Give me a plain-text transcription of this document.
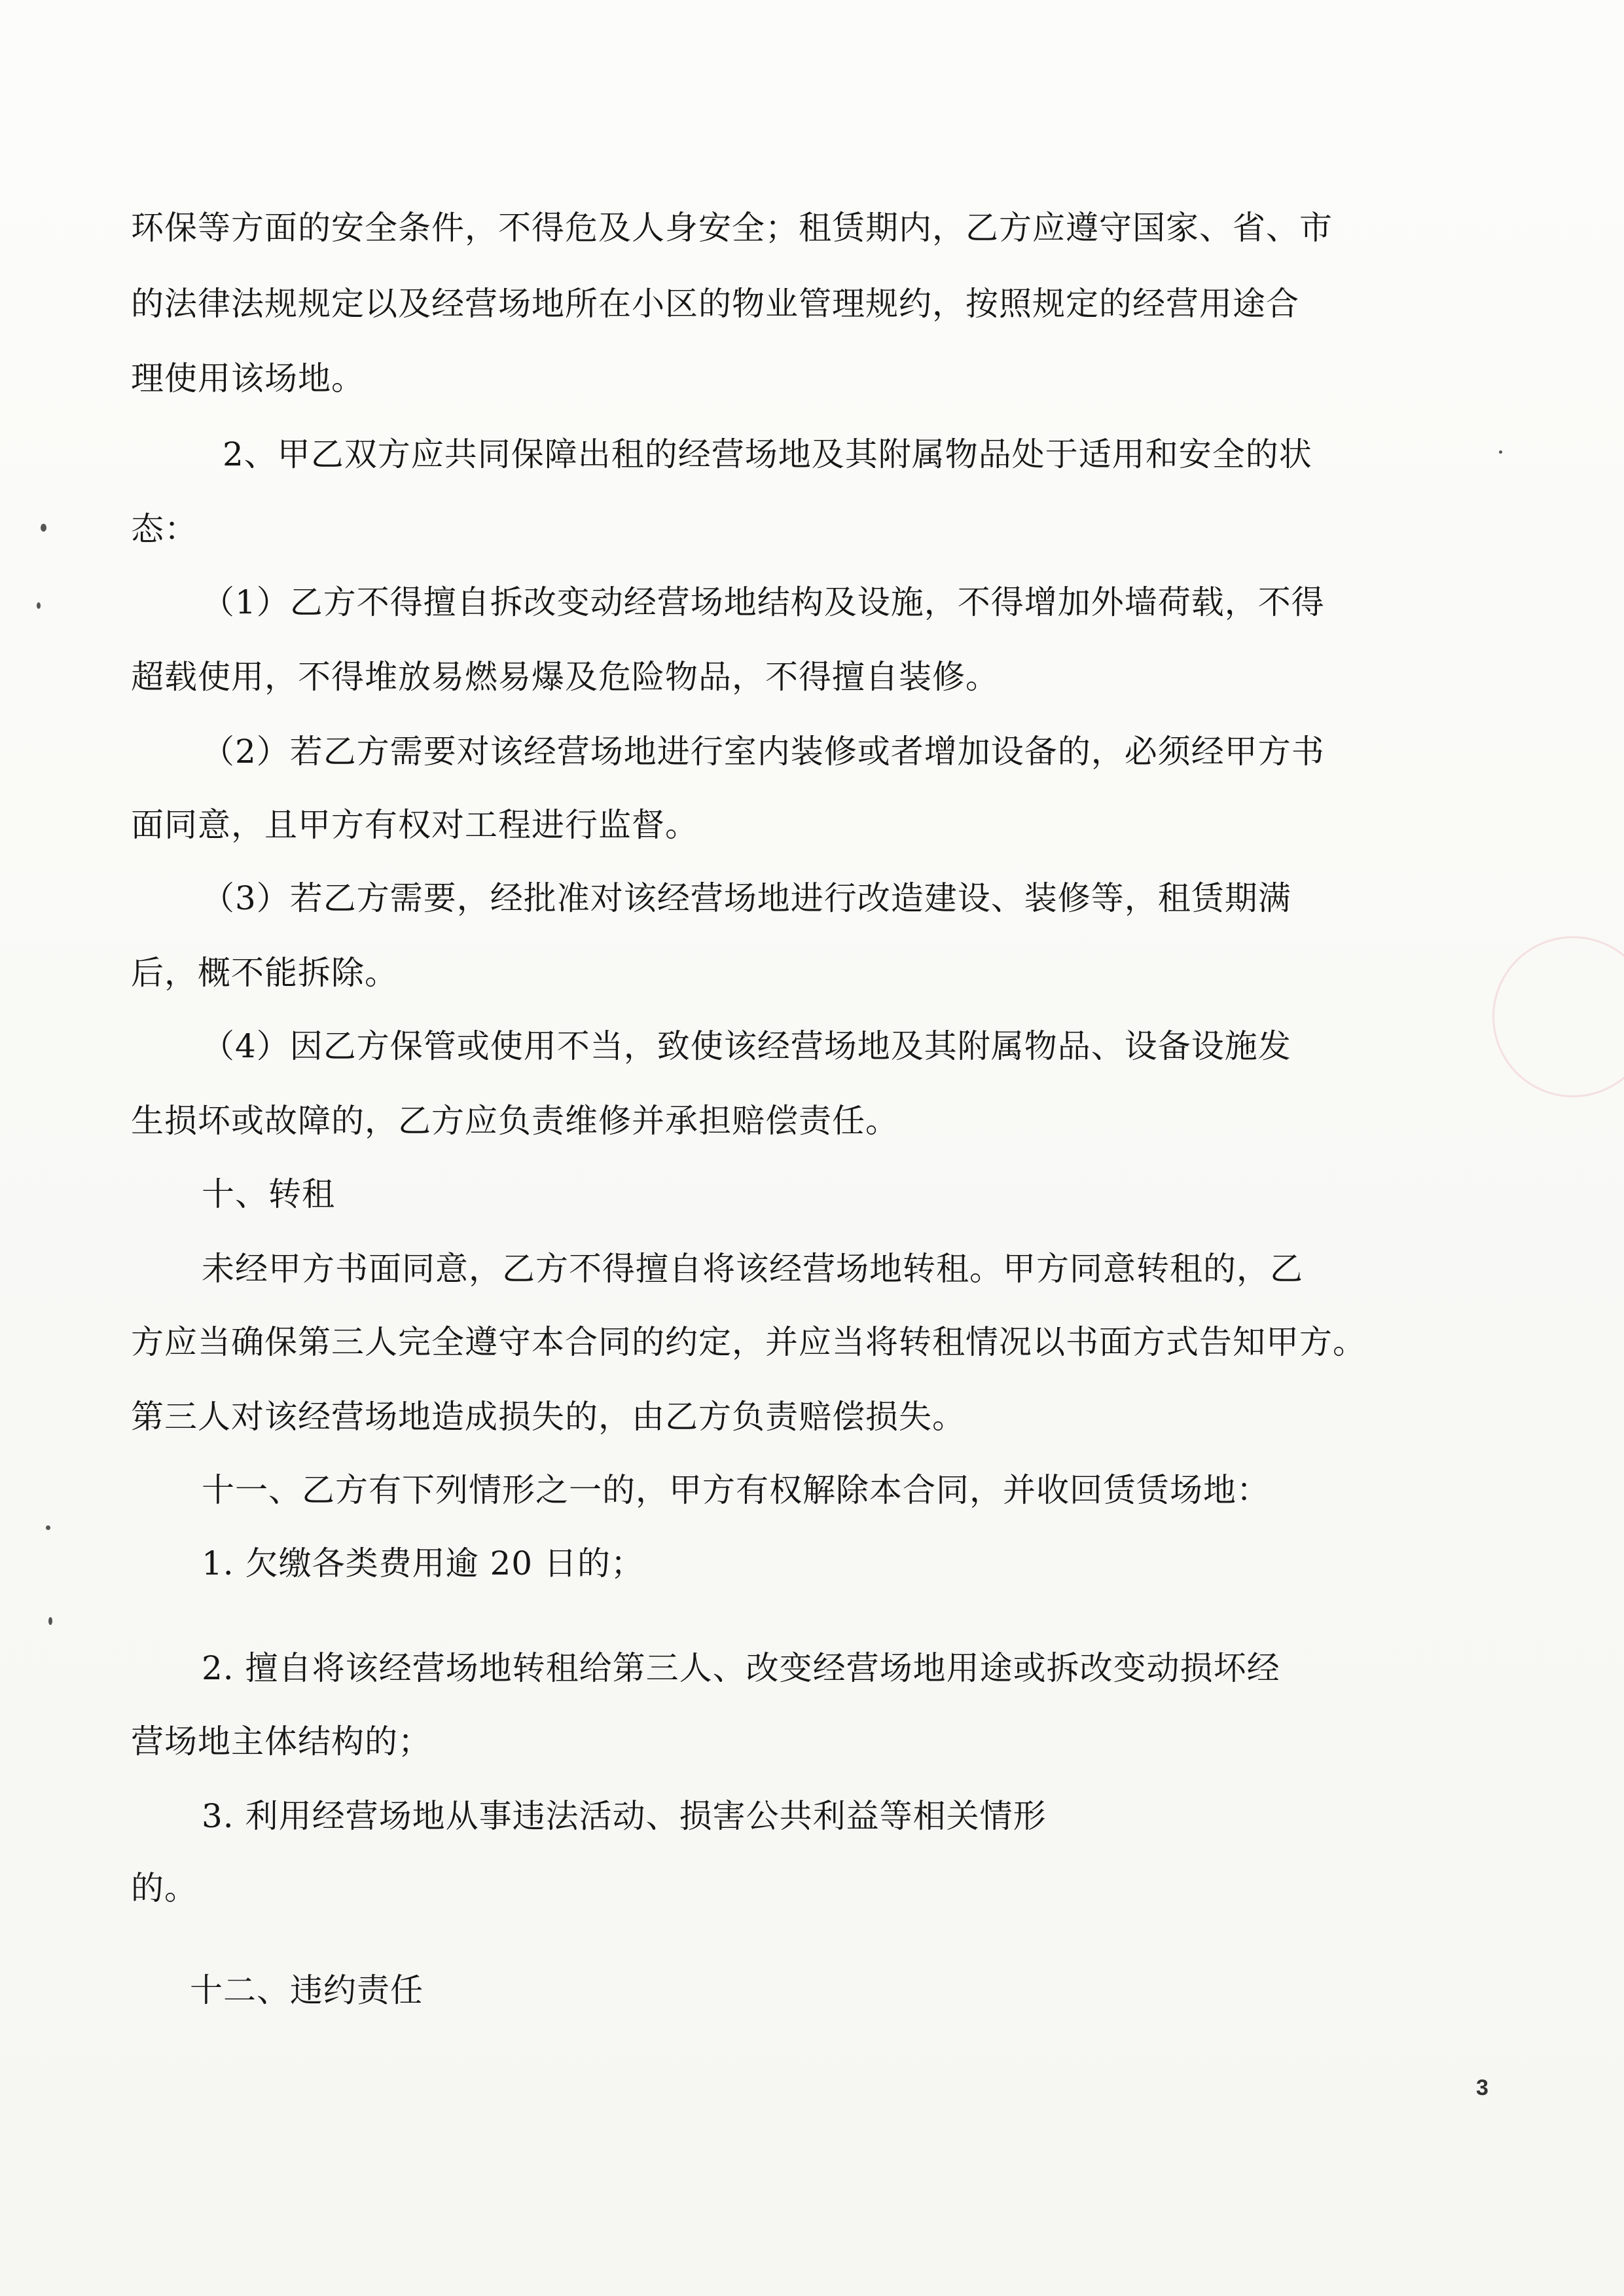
环保等方面的安全条件，不得危及人身安全；租赁期内，乙方应遵守国家、省、市
的法律法规规定以及经营场地所在小区的物业管理规约，按照规定的经营用途合
理使用该场地。
2、甲乙双方应共同保障出租的经营场地及其附属物品处于适用和安全的状
态：
（1）乙方不得擅自拆改变动经营场地结构及设施，不得增加外墙荷载，不得
超载使用，不得堆放易燃易爆及危险物品，不得擅自装修。
（2）若乙方需要对该经营场地进行室内装修或者增加设备的，必须经甲方书
面同意，且甲方有权对工程进行监督。
（3）若乙方需要，经批准对该经营场地进行改造建设、装修等，租赁期满
后，概不能拆除。
（4）因乙方保管或使用不当，致使该经营场地及其附属物品、设备设施发
生损坏或故障的，乙方应负责维修并承担赔偿责任。
十、转租
未经甲方书面同意，乙方不得擅自将该经营场地转租。甲方同意转租的，乙
方应当确保第三人完全遵守本合同的约定，并应当将转租情况以书面方式告知甲方。
第三人对该经营场地造成损失的，由乙方负责赔偿损失。
十一、乙方有下列情形之一的，甲方有权解除本合同，并收回赁赁场地：
1. 欠缴各类费用逾 20 日的；
2. 擅自将该经营场地转租给第三人、改变经营场地用途或拆改变动损坏经
营场地主体结构的；
3. 利用经营场地从事违法活动、损害公共利益等相关情形
的。
十二、违约责任
3
